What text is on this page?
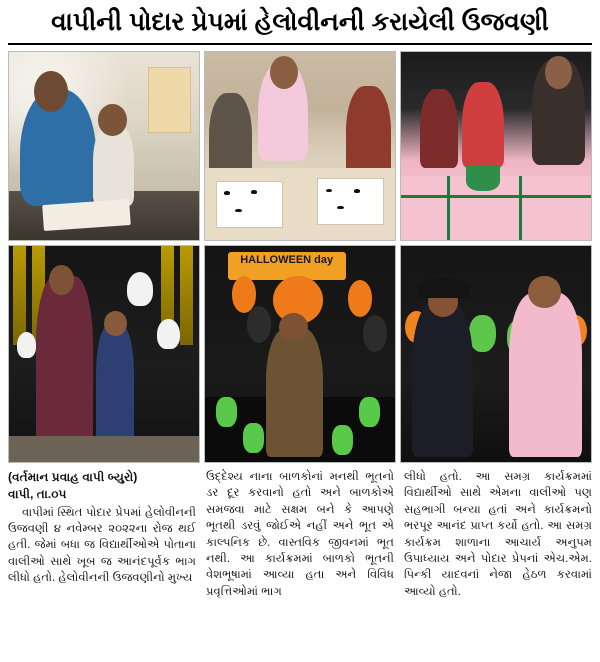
વાપીની પોદાર પ્રેપમાં હેલોવીનની કરાયેલી ઉજવણી
HALLOWEEN day
(વર્તમાન પ્રવાહ વાપી બ્યુરો)
વાપી, તા.૦૫

વાપીમાં સ્થિત પોદાર પ્રેપમાં હેલોવીનની ઉજવણી ૪ નવેમ્બર ૨૦૨૨ના રોજ થઈ હતી. જેમાં બધા જ વિદ્યાર્થીઓએ પોતાના વાલીઓ સાથે ખૂબ જ આનંદપૂર્વક ભાગ લીધો હતો. હેલોવીનની ઉજવણીનો મુખ્ય

ઉદ્દેશ્ય નાના બાળકોનાં મનથી ભૂતનો ડર દૂર કરવાનો હતો અને બાળકોએ સમજવા માટે સક્ષમ બને કે આપણે ભૂતથી ડરવું જોઈએ નહીં અને ભૂત એ કાલ્પનિક છે. વાસ્તવિક જીવનમાં ભૂત નથી. આ કાર્યક્રમમાં બાળકો ભૂતની વેશભૂષામાં આવ્યા હતા અને વિવિધ પ્રવૃત્તિઓમાં ભાગ

લીધો હતો. આ સમગ્ર કાર્યક્રમમાં વિદ્યાર્થીઓ સાથે એમના વાલીઓ પણ સહભાગી બન્યા હતાં અને કાર્યક્રમનો ભરપૂર આનંદ પ્રાપ્ત કર્યો હતો. આ સમગ્ર કાર્યક્રમ શાળાના આચાર્ય અનુપમ ઉપાધ્યાય અને પોદાર પ્રેપનાં એચ.એમ. પિન્કી યાદવનાં નેજા હેઠળ કરવામાં આવ્યો હતો.
